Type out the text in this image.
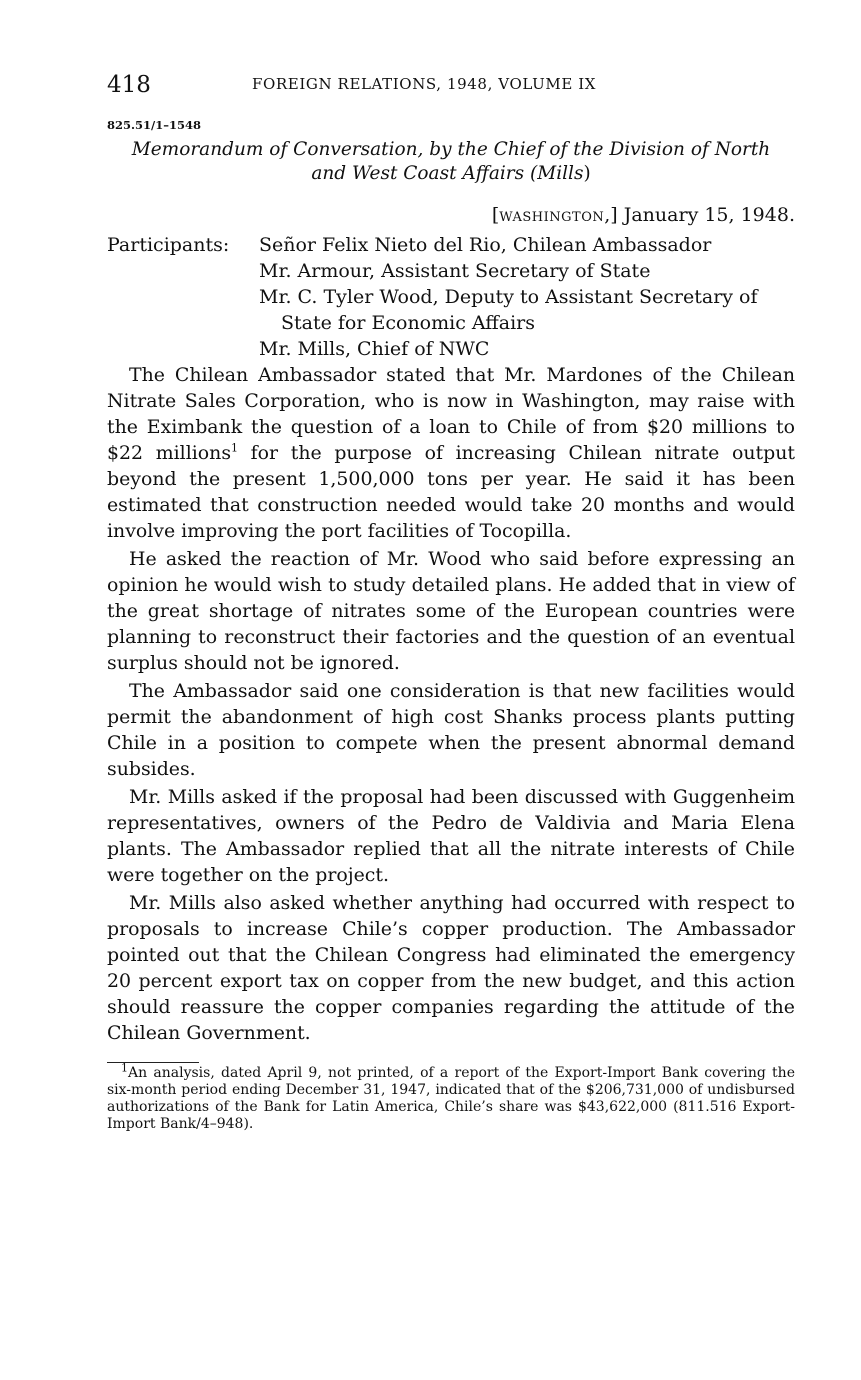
418	FOREIGN RELATIONS, 1948, VOLUME IX
825.51/1–1548
Memorandum of Conversation, by the Chief of the Division of North
and West Coast Affairs (Mills)
[WASHINGTON,] January 15, 1948.
Participants:	Señor Felix Nieto del Rio, Chilean Ambassador
Mr. Armour, Assistant Secretary of State
Mr. C. Tyler Wood, Deputy to Assistant Secretary of State for Economic Affairs
Mr. Mills, Chief of NWC

The Chilean Ambassador stated that Mr. Mardones of the Chilean Nitrate Sales Corporation, who is now in Washington, may raise with the Eximbank the question of a loan to Chile of from $20 millions to $22 millions$^1$ for the purpose of increasing Chilean nitrate output beyond the present 1,500,000 tons per year. He said it has been estimated that construction needed would take 20 months and would involve improving the port facilities of Tocopilla.

He asked the reaction of Mr. Wood who said before expressing an opinion he would wish to study detailed plans. He added that in view of the great shortage of nitrates some of the European countries were planning to reconstruct their factories and the question of an eventual surplus should not be ignored.

The Ambassador said one consideration is that new facilities would permit the abandonment of high cost Shanks process plants putting Chile in a position to compete when the present abnormal demand subsides.

Mr. Mills asked if the proposal had been discussed with Guggenheim representatives, owners of the Pedro de Valdivia and Maria Elena plants. The Ambassador replied that all the nitrate interests of Chile were together on the project.

Mr. Mills also asked whether anything had occurred with respect to proposals to increase Chile’s copper production. The Ambassador pointed out that the Chilean Congress had eliminated the emergency 20 percent export tax on copper from the new budget, and this action should reassure the copper companies regarding the attitude of the Chilean Government.

$^1$An analysis, dated April 9, not printed, of a report of the Export-Import Bank covering the six-month period ending December 31, 1947, indicated that of the $206,731,000 of undisbursed authorizations of the Bank for Latin America, Chile’s share was $43,622,000 (811.516 Export-Import Bank/4–948).
